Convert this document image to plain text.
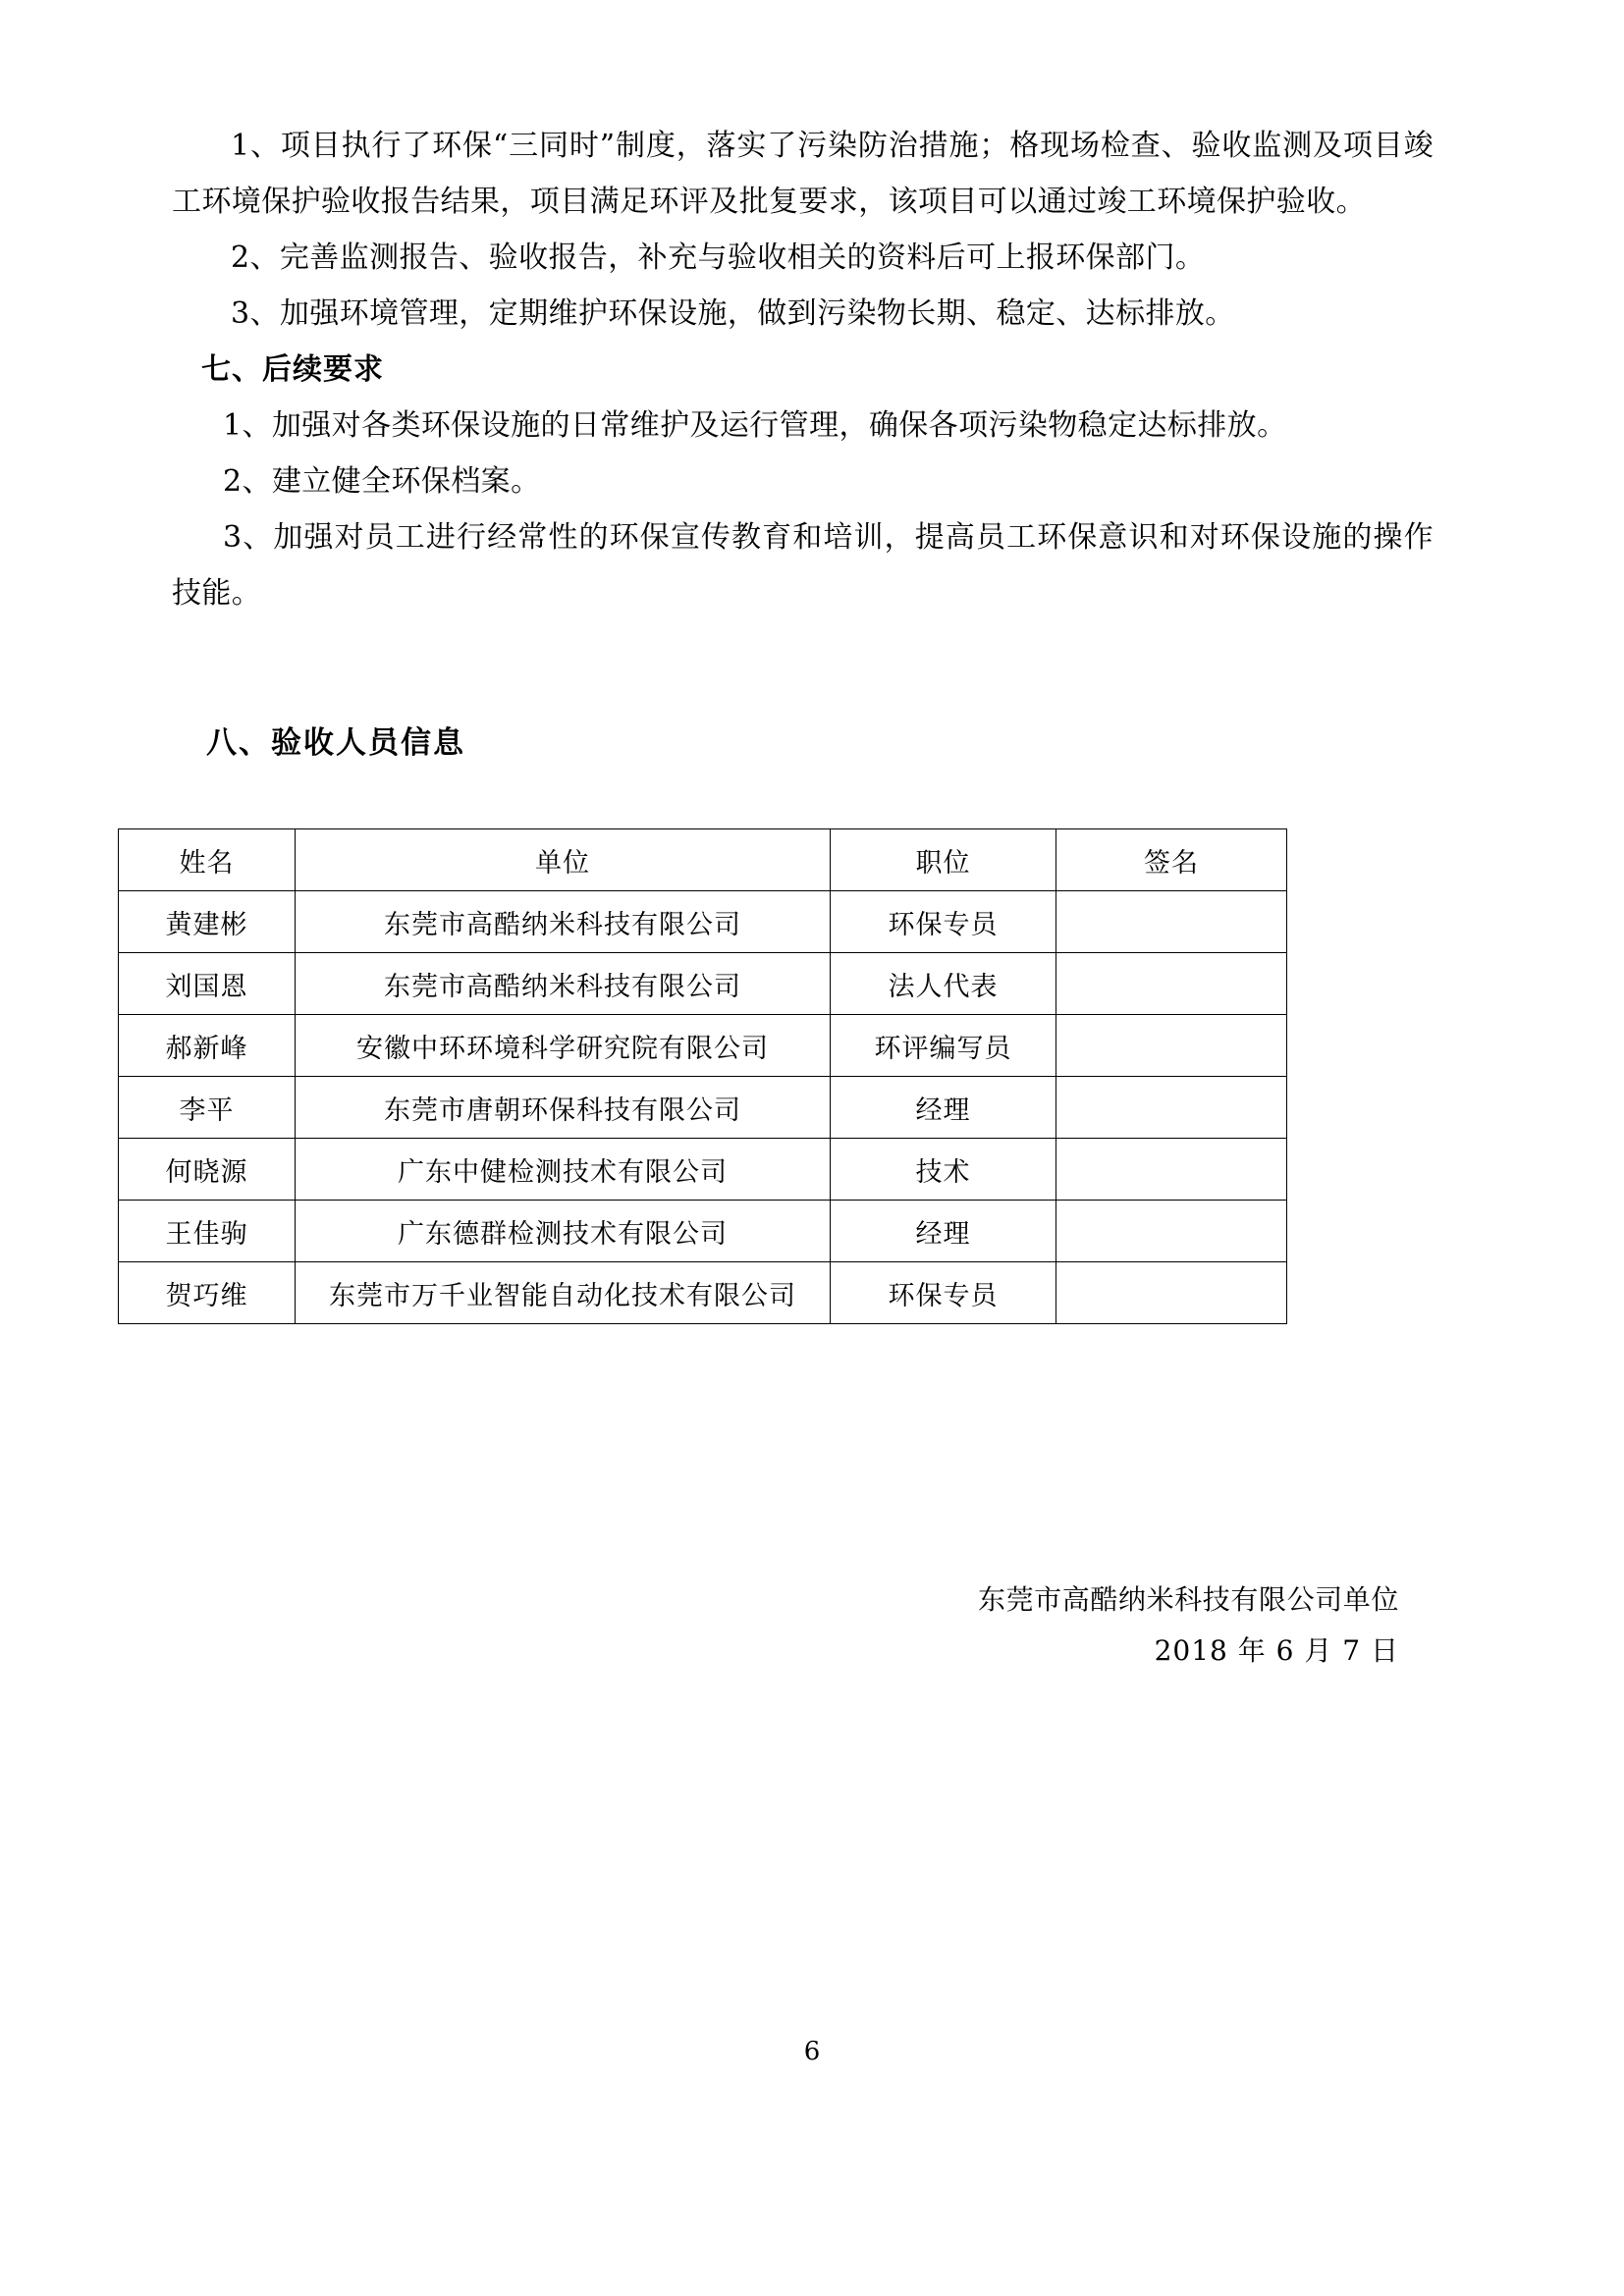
1、项目执行了环保“三同时”制度，落实了污染防治措施；格现场检查、验收监测及项目竣工环境保护验收报告结果，项目满足环评及批复要求，该项目可以通过竣工环境保护验收。

2、完善监测报告、验收报告，补充与验收相关的资料后可上报环保部门。

3、加强环境管理，定期维护环保设施，做到污染物长期、稳定、达标排放。

七、后续要求

1、加强对各类环保设施的日常维护及运行管理，确保各项污染物稳定达标排放。

2、建立健全环保档案。

3、加强对员工进行经常性的环保宣传教育和培训，提高员工环保意识和对环保设施的操作技能。

八、验收人员信息
姓名	单位	职位	签名
黄建彬	东莞市高酷纳米科技有限公司	环保专员	
刘国恩	东莞市高酷纳米科技有限公司	法人代表	
郝新峰	安徽中环环境科学研究院有限公司	环评编写员	
李平	东莞市唐朝环保科技有限公司	经理	
何晓源	广东中健检测技术有限公司	技术	
王佳驹	广东德群检测技术有限公司	经理	
贺巧维	东莞市万千业智能自动化技术有限公司	环保专员	
东莞市高酷纳米科技有限公司单位
2018 年 6 月 7 日
6
